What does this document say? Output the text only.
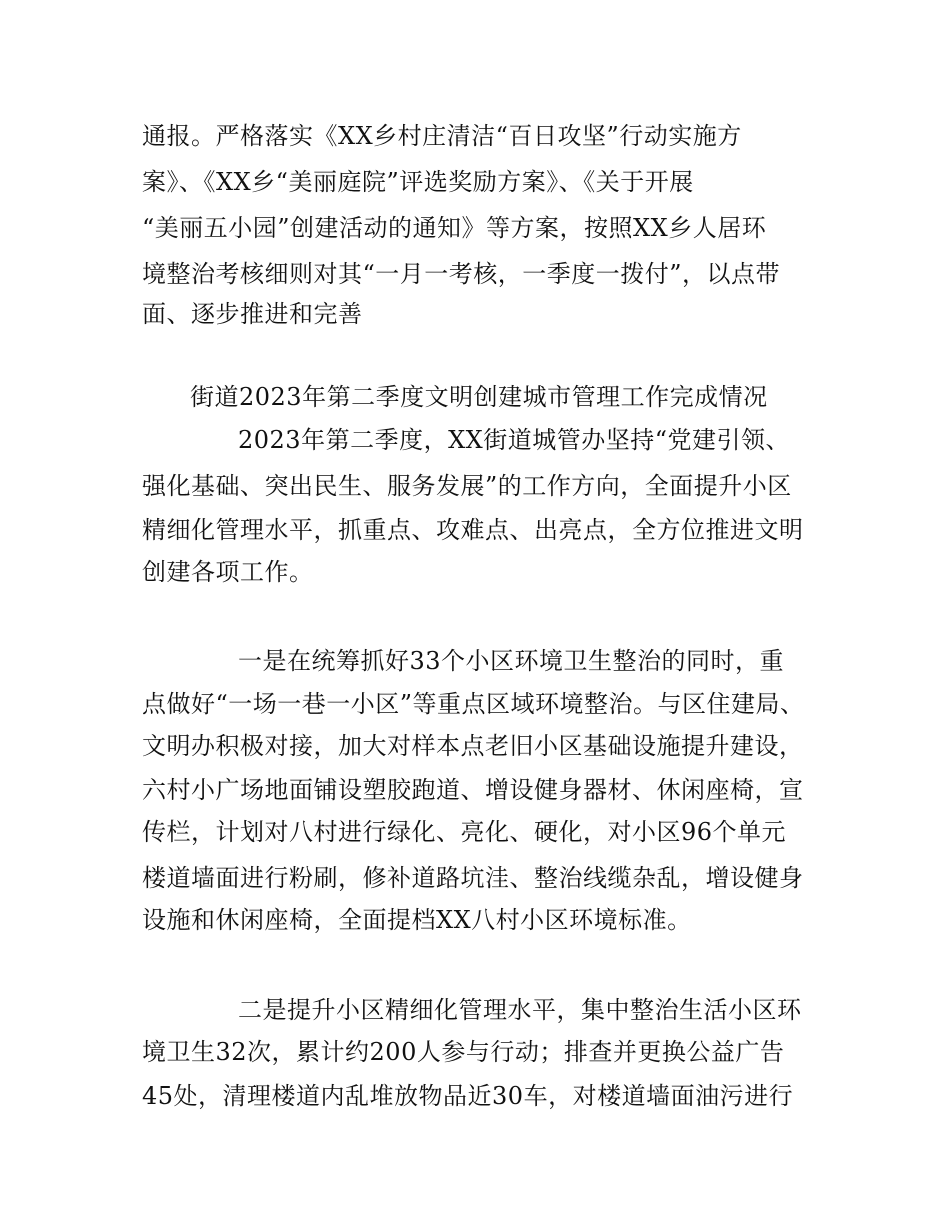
通报。严格落实《XX乡村庄清洁“百日攻坚”行动实施方
案》、《XX乡“美丽庭院”评选奖励方案》、《关于开展
“美丽五小园”创建活动的通知》等方案，按照XX乡人居环
境整治考核细则对其“一月一考核，一季度一拨付”，以点带
面、逐步推进和完善
街道2023年第二季度文明创建城市管理工作完成情况
2023年第二季度，XX街道城管办坚持“党建引领、
强化基础、突出民生、服务发展”的工作方向，全面提升小区
精细化管理水平，抓重点、攻难点、出亮点，全方位推进文明
创建各项工作。
一是在统筹抓好33个小区环境卫生整治的同时，重
点做好“一场一巷一小区”等重点区域环境整治。与区住建局、
文明办积极对接，加大对样本点老旧小区基础设施提升建设，
六村小广场地面铺设塑胶跑道、增设健身器材、休闲座椅，宣
传栏，计划对八村进行绿化、亮化、硬化，对小区96个单元
楼道墙面进行粉刷，修补道路坑洼、整治线缆杂乱，增设健身
设施和休闲座椅，全面提档XX八村小区环境标准。
二是提升小区精细化管理水平，集中整治生活小区环
境卫生32次，累计约200人参与行动；排查并更换公益广告
45处，清理楼道内乱堆放物品近30车，对楼道墙面油污进行
